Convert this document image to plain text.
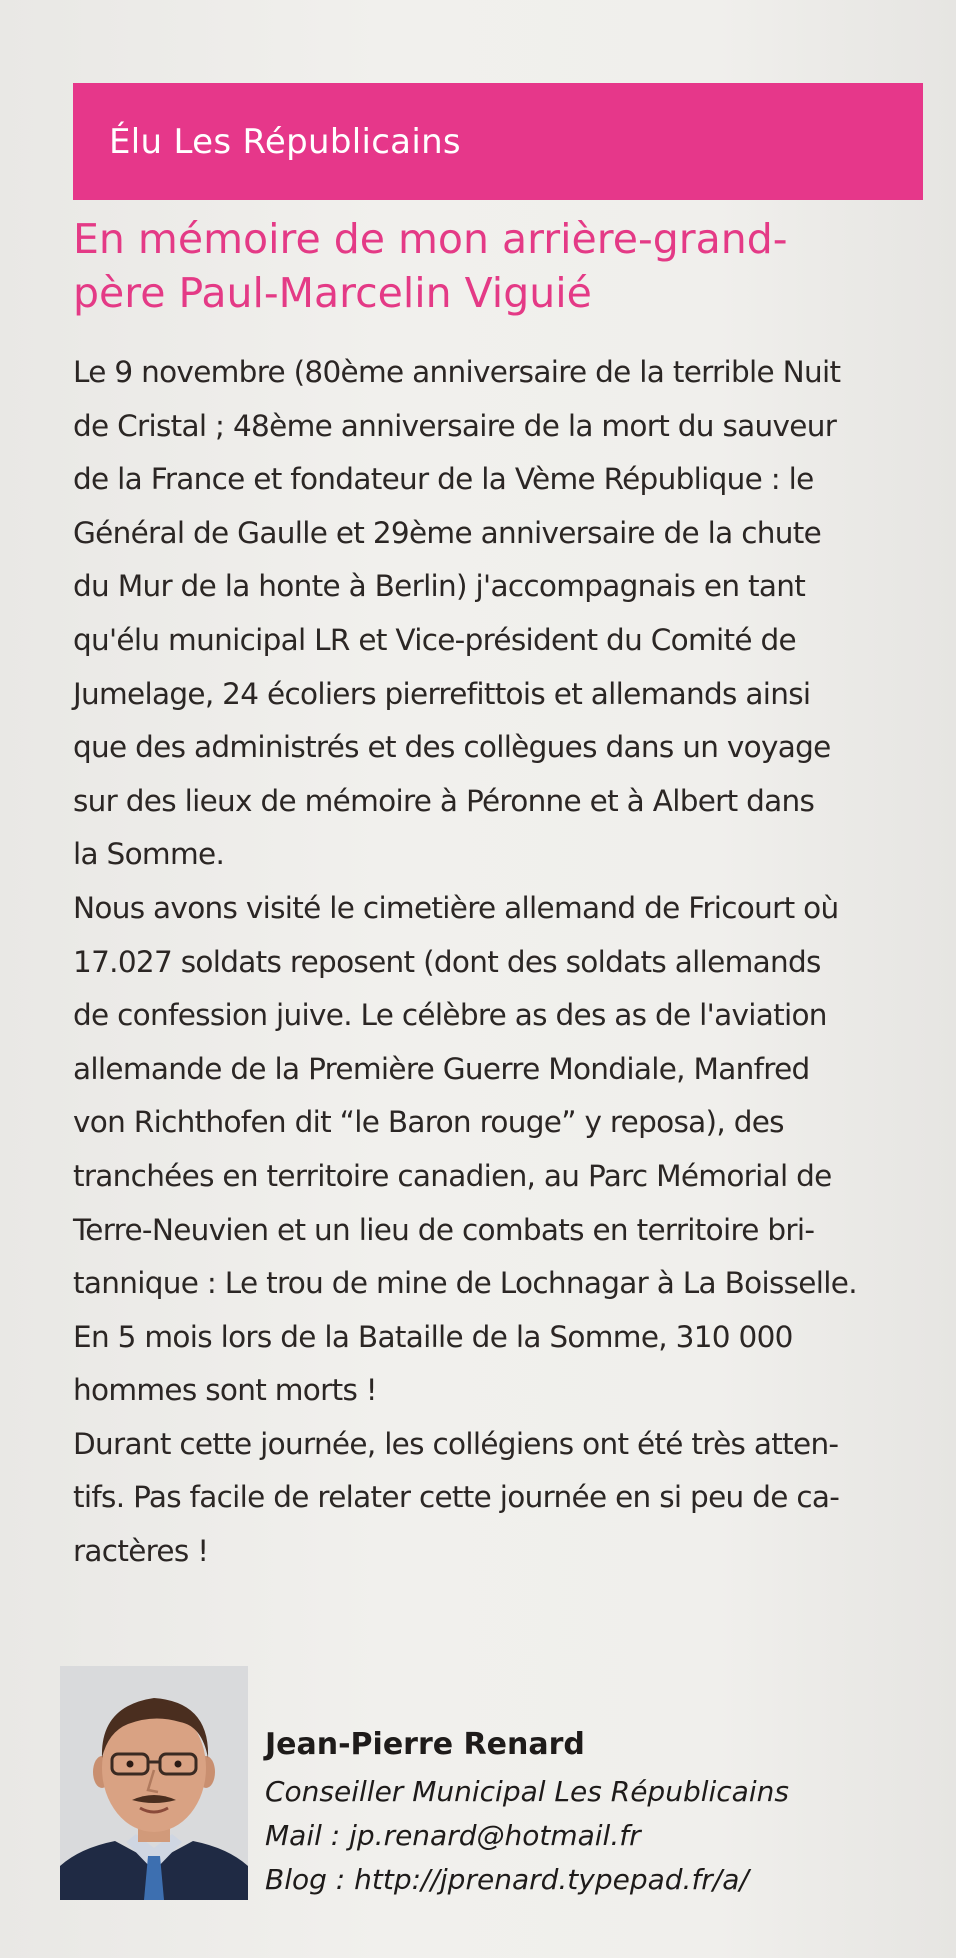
Élu Les Républicains
En mémoire de mon arrière-grand-
père Paul-Marcelin Viguié
Le 9 novembre (80ème anniversaire de la terrible Nuit
de Cristal ; 48ème anniversaire de la mort du sauveur
de la France et fondateur de la Vème République : le
Général de Gaulle et 29ème anniversaire de la chute
du Mur de la honte à Berlin) j'accompagnais en tant
qu'élu municipal LR et Vice-président du Comité de
Jumelage, 24 écoliers pierrefittois et allemands ainsi
que des administrés et des collègues dans un voyage
sur des lieux de mémoire à Péronne et à Albert dans
la Somme.
Nous avons visité le cimetière allemand de Fricourt où
17.027 soldats reposent (dont des soldats allemands
de confession juive. Le célèbre as des as de l'aviation
allemande de la Première Guerre Mondiale, Manfred
von Richthofen dit “le Baron rouge” y reposa), des
tranchées en territoire canadien, au Parc Mémorial de
Terre-Neuvien et un lieu de combats en territoire bri-
tannique : Le trou de mine de Lochnagar à La Boisselle.
En 5 mois lors de la Bataille de la Somme, 310 000
hommes sont morts !
Durant cette journée, les collégiens ont été très atten-
tifs. Pas facile de relater cette journée en si peu de ca-
ractères !
Jean-Pierre Renard
Conseiller Municipal Les Républicains
Mail : jp.renard@hotmail.fr
Blog : http://jprenard.typepad.fr/a/
